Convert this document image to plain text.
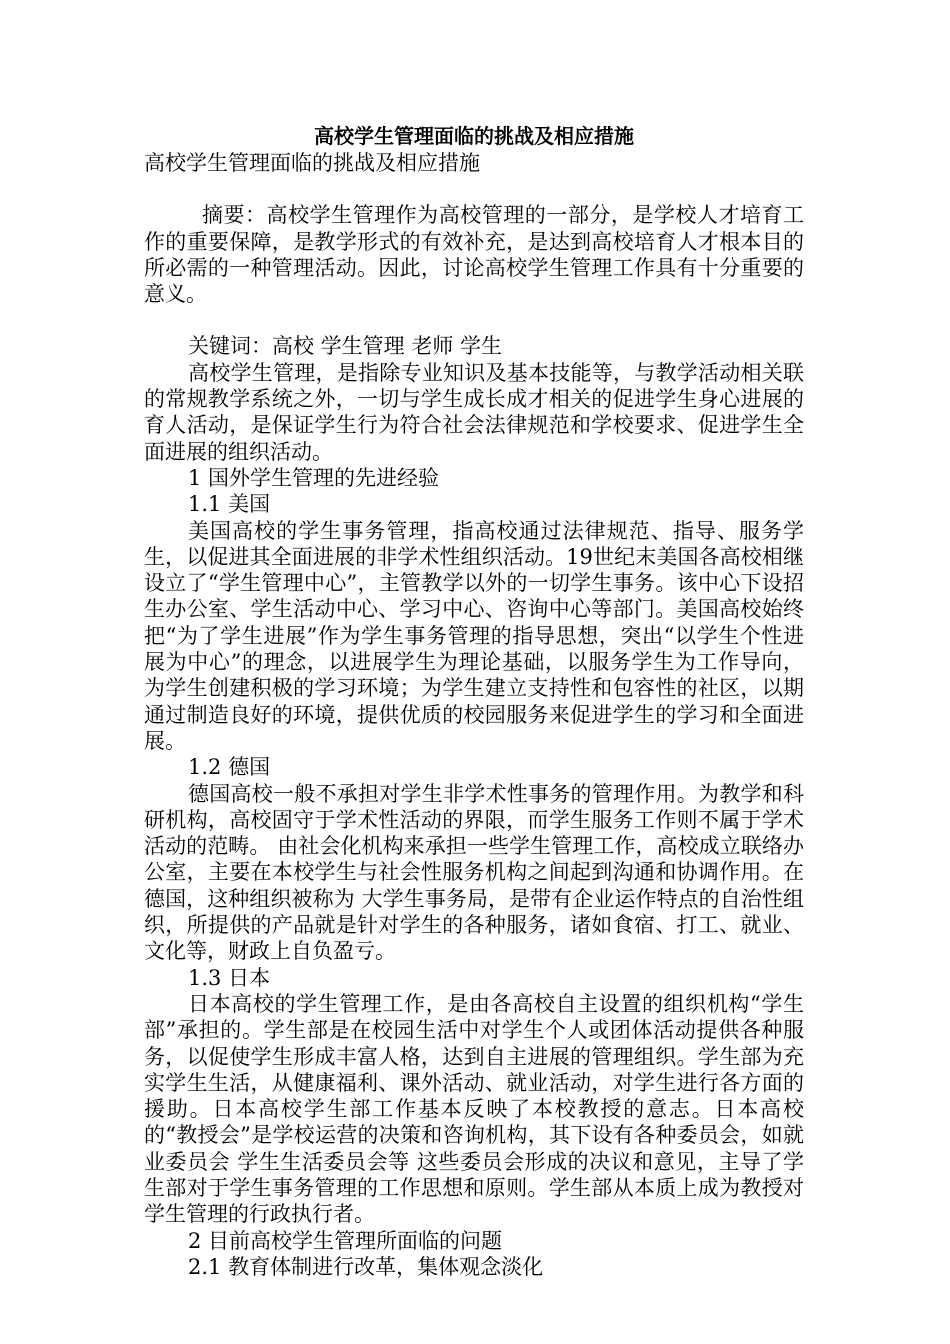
高校学生管理面临的挑战及相应措施

高校学生管理面临的挑战及相应措施

摘要：高校学生管理作为高校管理的一部分，是学校人才培育工作的重要保障，是教学形式的有效补充，是达到高校培育人才根本目的所必需的一种管理活动。因此，讨论高校学生管理工作具有十分重要的意义。

关键词：高校 学生管理 老师 学生

高校学生管理，是指除专业知识及基本技能等，与教学活动相关联的常规教学系统之外，一切与学生成长成才相关的促进学生身心进展的育人活动，是保证学生行为符合社会法律规范和学校要求、促进学生全面进展的组织活动。

1 国外学生管理的先进经验

1.1 美国

美国高校的学生事务管理，指高校通过法律规范、指导、服务学生，以促进其全面进展的非学术性组织活动。19世纪末美国各高校相继设立了“学生管理中心”，主管教学以外的一切学生事务。该中心下设招生办公室、学生活动中心、学习中心、咨询中心等部门。美国高校始终把“为了学生进展”作为学生事务管理的指导思想，突出“以学生个性进展为中心”的理念，以进展学生为理论基础，以服务学生为工作导向，为学生创建积极的学习环境；为学生建立支持性和包容性的社区，以期通过制造良好的环境，提供优质的校园服务来促进学生的学习和全面进展。

1.2 德国

德国高校一般不承担对学生非学术性事务的管理作用。为教学和科研机构，高校固守于学术性活动的界限，而学生服务工作则不属于学术活动的范畴。 由社会化机构来承担一些学生管理工作，高校成立联络办公室，主要在本校学生与社会性服务机构之间起到沟通和协调作用。在德国，这种组织被称为 大学生事务局，是带有企业运作特点的自治性组织，所提供的产品就是针对学生的各种服务，诸如食宿、打工、就业、文化等，财政上自负盈亏。

1.3 日本

日本高校的学生管理工作，是由各高校自主设置的组织机构“学生部”承担的。学生部是在校园生活中对学生个人或团体活动提供各种服务，以促使学生形成丰富人格，达到自主进展的管理组织。学生部为充实学生生活，从健康福利、课外活动、就业活动，对学生进行各方面的援助。日本高校学生部工作基本反映了本校教授的意志。日本高校的“教授会”是学校运营的决策和咨询机构，其下设有各种委员会，如就业委员会 学生生活委员会等 这些委员会形成的决议和意见，主导了学生部对于学生事务管理的工作思想和原则。学生部从本质上成为教授对学生管理的行政执行者。

2 目前高校学生管理所面临的问题

2.1 教育体制进行改革，集体观念淡化
